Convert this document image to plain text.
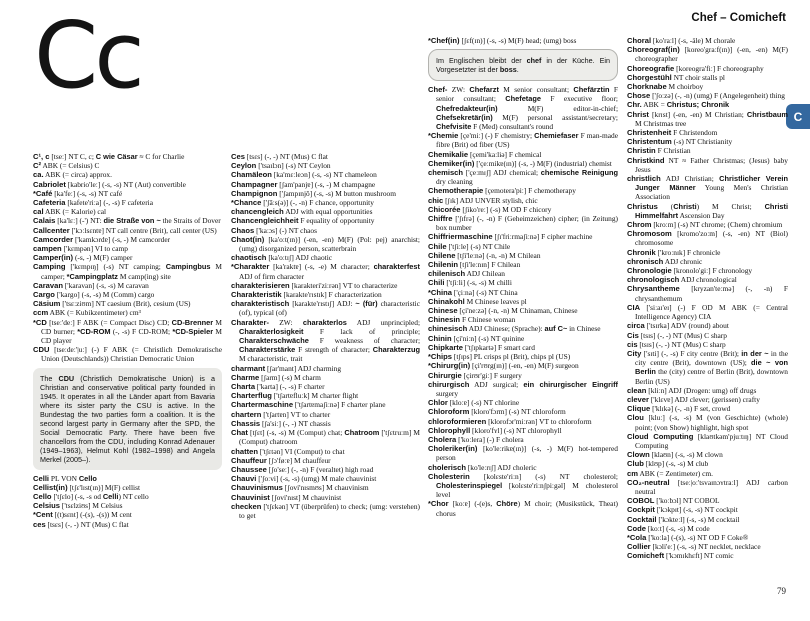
Cc	Chef – Comicheft
C

C¹, c [tseː] NT C, c; C wie Cäsar ≈ C for Charlie

C² ABK (= Celsius) C

ca. ABK (= circa) approx.

Cabriolet [kabrio'leː] (-s, -s) NT (Aut) convertible

*Café [ka'feː] (-s, -s) NT café

Cafeteria [kafete'riːa] (-, -s) F cafeteria

cal ABK (= Kalorie) cal

Calais [ka'lɛː] (-') NT: die Straße von ~ the Straits of Dover

Callcenter ['kɔːlsɛntɐ] NT call centre (Brit), call center (US)

Camcorder ['kamkɔrdɐ] (-s, -) M camcorder

campen ['kɛmpən] VI to camp

Camper(in) (-s, -) M(F) camper

Camping ['kɛmpɪŋ] (-s) NT camping; Campingbus M camper; *Campingplatz M camp(ing) site

Caravan ['karavan] (-s, -s) M caravan

Cargo ['kargo] (-s, -s) M (Comm) cargo

Cäsium ['tsɛːziʊm] NT caesium (Brit), cesium (US)

ccm ABK (= Kubikzentimeter) cm³

*CD [tseː'deː] F ABK (= Compact Disc) CD; CD-Brenner M CD burner; *CD-ROM (-, -s) F CD-ROM; *CD-Spieler M CD player

CDU [tseːdeː'|uː] (-) F ABK (= Christlich Demokratische Union (Deutschlands)) Christian Democratic Union

The CDU (Christlich Demokratische Union) is a Christian and conservative political party founded in 1945. It operates in all the Länder apart from Bavaria where its sister party the CSU is active. In the Bundestag the two parties form a coalition. It is the second largest party in Germany after the SPD, the Social Democratic Party. There have been five chancellors from the CDU, including Konrad Adenauer (1949–1963), Helmut Kohl (1982–1998) and Angela Merkel (2005–).

Celli PL VON Cello

Cellist(in) [tʃɛ'lɪst(ɪn)] M(F) cellist

Cello ['tʃɛlo] (-s, -s od Celli) NT cello

Celsius ['tsɛlziʊs] M Celsius

*Cent [(t)sɛnt] (-(s), -(s)) M cent

ces [tsɛs] (-, -) NT (Mus) C flat

Ces [tsɛs] (-, -) NT (Mus) C flat

Ceylon ['tsaɪlɔn] (-s) NT Ceylon

Chamäleon [ka'mɛːleɔn] (-s, -s) NT chameleon

Champagner [ʃam'panjɐ] (-s, -) M champagne

Champignon ['ʃampɪnjõ] (-s, -s) M button mushroom

*Chance ['ʃãːs(ə)] (-, -n) F chance, opportunity

chancengleich ADJ with equal opportunities

Chancengleichheit F equality of opportunity

Chaos ['kaːɔs] (-) NT chaos

Chaot(in) [ka'oːt(ɪn)] (-en, -en) M(F) (Pol: pej) anarchist; (umg) disorganized person, scatterbrain

chaotisch [ka'oːtɪʃ] ADJ chaotic

*Charakter [ka'raktɐ] (-s, -e) M character; charakterfest ADJ of firm character

charakterisieren [karakteri'ziːrən] VT to characterize

Charakteristik [karakte'rɪstɪk] F characterization

charakteristisch [karakte'rɪstɪʃ] ADJ: ~ (für) characteristic (of), typical (of)

Charakter- ZW: charakterlos ADJ unprincipled; Charakterlosigkeit F lack of principle; Charakterschwäche F weakness of character; Charakterstärke F strength of character; Charakterzug M characteristic, trait

charmant [ʃar'mant] ADJ charming

Charme [ʃarm] (-s) M charm

Charta ['karta] (-, -s) F charter

Charterflug ['tʃartɐfluːk] M charter flight

Chartermaschine ['tʃartɐmaʃiːnə] F charter plane

chartern ['tʃartɐn] VT to charter

Chassis [ʃa'siː] (-, -) NT chassis

Chat [tʃɛt] (-s, -s) M (Comput) chat; Chatroom ['tʃɛtruːm] M (Comput) chatroom

chatten ['tʃɛtən] VI (Comput) to chat

Chauffeur [ʃɔ'føːɐ] M chauffeur

Chaussee [ʃo'seː] (-, -n) F (veraltet) high road

Chauvi ['ʃoːvi] (-s, -s) (umg) M male chauvinist

Chauvinismus [ʃovi'nɪsmʊs] M chauvinism

Chauvinist [ʃovi'nɪst] M chauvinist

checken ['tʃɛkən] VT (überprüfen) to check; (umg: verstehen) to get

*Chef(in) [ʃɛf(ɪn)] (-s, -s) M(F) head; (umg) boss

Im Englischen bleibt der chef in der Küche. Ein Vorgesetzter ist der boss.

Chef- ZW: Chefarzt M senior consultant; Chefärztin F senior consultant; Chefetage F executive floor; Chefredakteur(in) M(F) editor-in-chief; Chefsekretär(in) M(F) personal assistant/secretary; Chefvisite F (Med) consultant's round

*Chemie [çe'miː] (-) F chemistry; Chemiefaser F man-made fibre (Brit) od fiber (US)

Chemikalie [çemi'kaːliə] F chemical

Chemiker(in) ['çeːmikɐ(ɪn)] (-s, -) M(F) (industrial) chemist

chemisch ['çeːmɪʃ] ADJ chemical; chemische Reinigung dry cleaning

Chemotherapie [çemotera'piː] F chemotherapy

chic [ʃɪk] ADJ UNVER stylish, chic

Chicorée [ʃiko'reː] (-s) M OD F chicory

Chiffre ['ʃɪfrə] (-, -n) F (Geheimzeichen) cipher; (in Zeitung) box number

Chiffriermaschine [ʃɪ'friːrmaʃiːnə] F cipher machine

Chile ['tʃiːle] (-s) NT Chile

Chilene [tʃi'leːnə] (-n, -n) M Chilean

Chilenin [tʃi'leːnɪn] F Chilean

chilenisch ADJ Chilean

Chili ['tʃiːli] (-s, -s) M chilli

*China ['çiːna] (-s) NT China

Chinakohl M Chinese leaves pl

Chinese [çi'neːzə] (-n, -n) M Chinaman, Chinese

Chinesin F Chinese woman

chinesisch ADJ Chinese; (Sprache): auf C~ in Chinese

Chinin [çi'niːn] (-s) NT quinine

Chipkarte ['tʃɪpkartə] F smart card

*Chips [tʃɪps] PL crisps pl (Brit), chips pl (US)

*Chirurg(in) [çi'rʊrg(ɪn)] (-en, -en) M(F) surgeon

Chirurgie [çirʊr'giː] F surgery

chirurgisch ADJ surgical; ein chirurgischer Eingriff surgery

Chlor [kloːɐ] (-s) NT chlorine

Chloroform [kloro'fɔrm] (-s) NT chloroform

chloroformieren [klorofɔr'miːrən] VT to chloroform

Chlorophyll [kloro'fʏl] (-s) NT chlorophyll

Cholera ['koːlera] (-) F cholera

Choleriker(in) [ko'leːrikɐ(ɪn)] (-s, -) M(F) hot-tempered person

cholerisch [ko'leːrɪʃ] ADJ choleric

Cholesterin [kolɛste'riːn] (-s) NT cholesterol; Cholesterinspiegel [kolɛste'riːnʃpiːgəl] M cholesterol level

*Chor [koːɐ] (-(e)s, Chöre) M choir; (Musikstück, Theat) chorus

Choral [ko'raːl] (-s, -äle) M chorale

Choreograf(in) [koreo'graːf(ɪn)] (-en, -en) M(F) choreographer

Choreografie [koreogra'fiː] F choreography

Chorgestühl NT choir stalls pl

Chorknabe M choirboy

Chose ['ʃoːzə] (-, -n) (umg) F (Angelegenheit) thing

Chr. ABK = Christus; Chronik

Christ [krɪst] (-en, -en) M Christian; Christbaum M Christmas tree

Christenheit F Christendom

Christentum (-s) NT Christianity

Christin F Christian

Christkind NT ≈ Father Christmas; (Jesus) baby Jesus

christlich ADJ Christian; Christlicher Verein Junger Männer Young Men's Christian Association

Christus (Christi) M Christ; Christi Himmelfahrt Ascension Day

Chrom [kroːm] (-s) NT chrome; (Chem) chromium

Chromosom [kromo'zoːm] (-s, -en) NT (Biol) chromosome

Chronik ['kroːnɪk] F chronicle

chronisch ADJ chronic

Chronologie [kronolo'giː] F chronology

chronologisch ADJ chronological

Chrysantheme [kryzan'teːmə] (-, -n) F chrysanthemum

CIA ['siːaɪ'eɪ] (-) F OD M ABK (= Central Intelligence Agency) CIA

circa ['tsɪrka] ADV (round) about

Cis [tsɪs] (-, -) NT (Mus) C sharp

cis [tsɪs] (-, -) NT (Mus) C sharp

City ['sɪti] (-, -s) F city centre (Brit); in der ~ in the city centre (Brit), downtown (US); die ~ von Berlin the (city) centre of Berlin (Brit), downtown Berlin (US)

clean [kliːn] ADJ (Drogen: umg) off drugs

clever ['klɛvɐ] ADJ clever; (gerissen) crafty

Clique ['klɪkə] (-, -n) F set, crowd

Clou [kluː] (-s, -s) M (von Geschichte) (whole) point; (von Show) highlight, high spot

Cloud Computing [klaʊtkəm'pjuːtɪŋ] NT Cloud Computing

Clown [klaʊn] (-s, -s) M clown

Club [klʊp] (-s, -s) M club

cm ABK (= Zentimeter) cm.

CO₂-neutral [tseː|oː'tsvaɪnɔʏtraːl] ADJ carbon neutral

COBOL ['koːbɔl] NT COBOL

Cockpit ['kɔkpɪt] (-s, -s) NT cockpit

Cocktail ['kɔkteːl] (-s, -s) M cocktail

Code [koːt] (-s, -s) M code

*Cola ['koːla] (-(s), -s) NT OD F Coke®

Collier [kɔli'eː] (-s, -s) NT necklet, necklace

Comicheft ['kɔmɪkhɛft] NT comic

79
